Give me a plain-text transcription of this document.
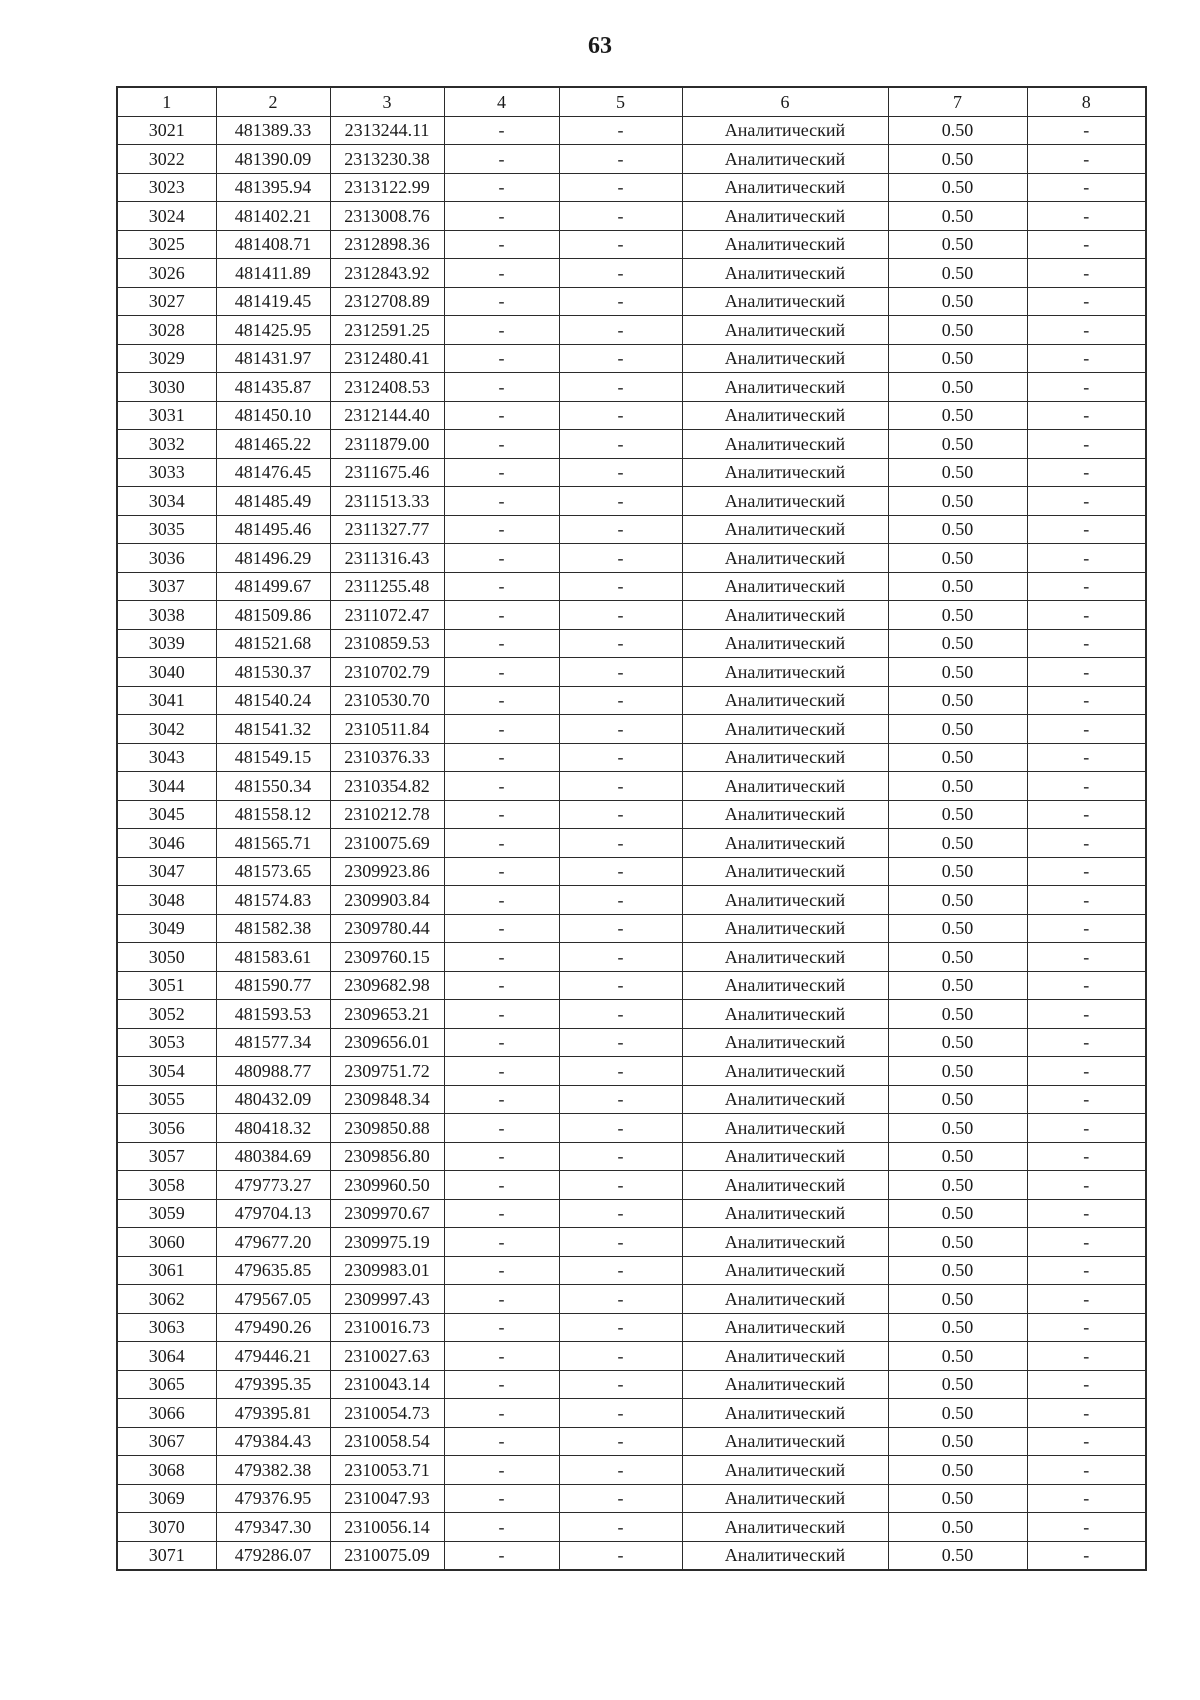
63
1	2	3	4	5	6	7	8
3021	481389.33	2313244.11	-	-	Аналитический	0.50	-
3022	481390.09	2313230.38	-	-	Аналитический	0.50	-
3023	481395.94	2313122.99	-	-	Аналитический	0.50	-
3024	481402.21	2313008.76	-	-	Аналитический	0.50	-
3025	481408.71	2312898.36	-	-	Аналитический	0.50	-
3026	481411.89	2312843.92	-	-	Аналитический	0.50	-
3027	481419.45	2312708.89	-	-	Аналитический	0.50	-
3028	481425.95	2312591.25	-	-	Аналитический	0.50	-
3029	481431.97	2312480.41	-	-	Аналитический	0.50	-
3030	481435.87	2312408.53	-	-	Аналитический	0.50	-
3031	481450.10	2312144.40	-	-	Аналитический	0.50	-
3032	481465.22	2311879.00	-	-	Аналитический	0.50	-
3033	481476.45	2311675.46	-	-	Аналитический	0.50	-
3034	481485.49	2311513.33	-	-	Аналитический	0.50	-
3035	481495.46	2311327.77	-	-	Аналитический	0.50	-
3036	481496.29	2311316.43	-	-	Аналитический	0.50	-
3037	481499.67	2311255.48	-	-	Аналитический	0.50	-
3038	481509.86	2311072.47	-	-	Аналитический	0.50	-
3039	481521.68	2310859.53	-	-	Аналитический	0.50	-
3040	481530.37	2310702.79	-	-	Аналитический	0.50	-
3041	481540.24	2310530.70	-	-	Аналитический	0.50	-
3042	481541.32	2310511.84	-	-	Аналитический	0.50	-
3043	481549.15	2310376.33	-	-	Аналитический	0.50	-
3044	481550.34	2310354.82	-	-	Аналитический	0.50	-
3045	481558.12	2310212.78	-	-	Аналитический	0.50	-
3046	481565.71	2310075.69	-	-	Аналитический	0.50	-
3047	481573.65	2309923.86	-	-	Аналитический	0.50	-
3048	481574.83	2309903.84	-	-	Аналитический	0.50	-
3049	481582.38	2309780.44	-	-	Аналитический	0.50	-
3050	481583.61	2309760.15	-	-	Аналитический	0.50	-
3051	481590.77	2309682.98	-	-	Аналитический	0.50	-
3052	481593.53	2309653.21	-	-	Аналитический	0.50	-
3053	481577.34	2309656.01	-	-	Аналитический	0.50	-
3054	480988.77	2309751.72	-	-	Аналитический	0.50	-
3055	480432.09	2309848.34	-	-	Аналитический	0.50	-
3056	480418.32	2309850.88	-	-	Аналитический	0.50	-
3057	480384.69	2309856.80	-	-	Аналитический	0.50	-
3058	479773.27	2309960.50	-	-	Аналитический	0.50	-
3059	479704.13	2309970.67	-	-	Аналитический	0.50	-
3060	479677.20	2309975.19	-	-	Аналитический	0.50	-
3061	479635.85	2309983.01	-	-	Аналитический	0.50	-
3062	479567.05	2309997.43	-	-	Аналитический	0.50	-
3063	479490.26	2310016.73	-	-	Аналитический	0.50	-
3064	479446.21	2310027.63	-	-	Аналитический	0.50	-
3065	479395.35	2310043.14	-	-	Аналитический	0.50	-
3066	479395.81	2310054.73	-	-	Аналитический	0.50	-
3067	479384.43	2310058.54	-	-	Аналитический	0.50	-
3068	479382.38	2310053.71	-	-	Аналитический	0.50	-
3069	479376.95	2310047.93	-	-	Аналитический	0.50	-
3070	479347.30	2310056.14	-	-	Аналитический	0.50	-
3071	479286.07	2310075.09	-	-	Аналитический	0.50	-
